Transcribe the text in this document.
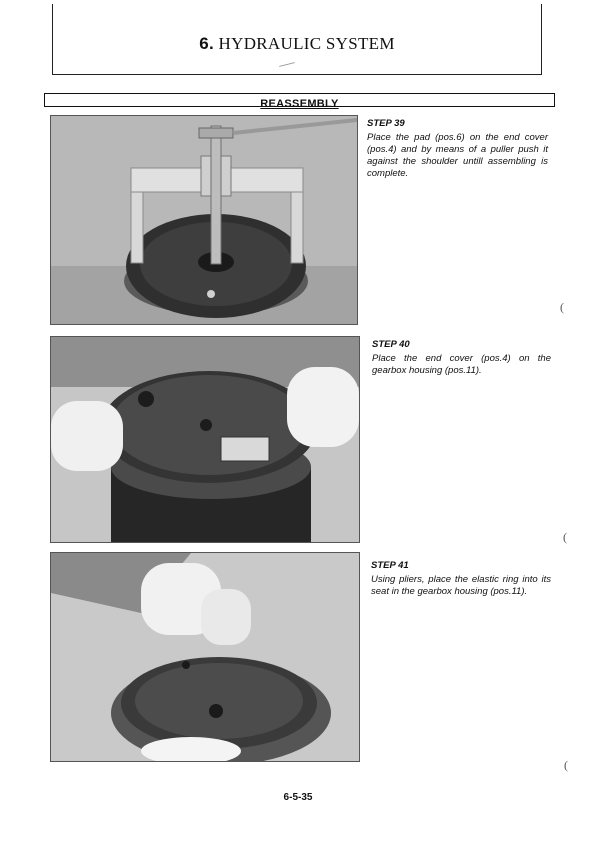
6. HYDRAULIC SYSTEM
REASSEMBLY
STEP 39
Place the pad (pos.6) on the end cover (pos.4) and by means of a puller push it against the shoulder untill assembling is complete.
STEP 40
Place the end cover (pos.4) on the gearbox housing (pos.11).
STEP 41
Using pliers, place the elastic ring into its seat in the gearbox housing (pos.11).
(
(
(
6-5-35
